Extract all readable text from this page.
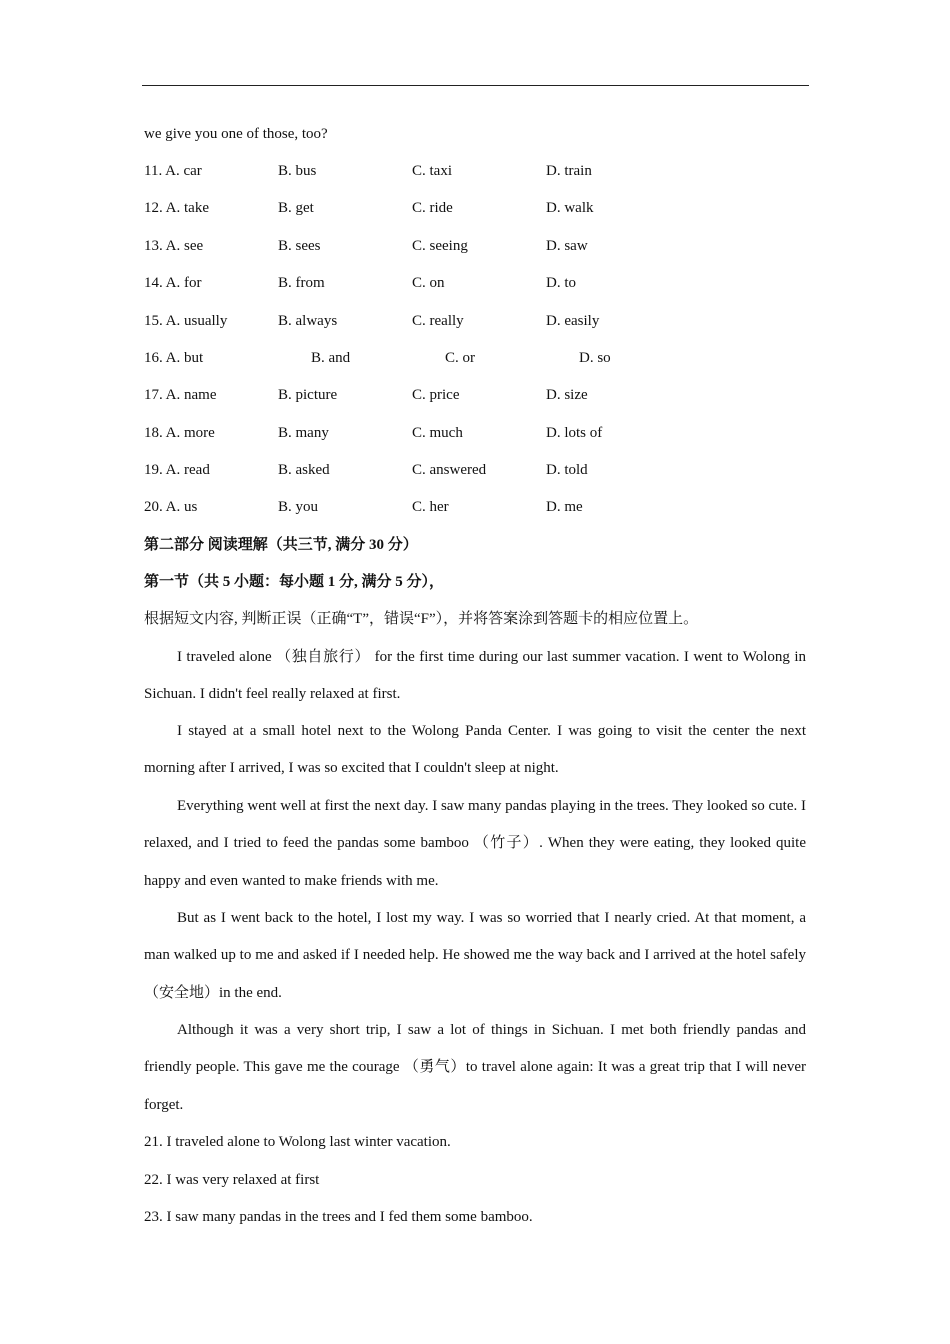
we give you one of those, too?
11. A. car	B. bus	C. taxi	D. train
12. A. take	B. get	C. ride	D. walk
13. A. see	B. sees	C. seeing	D. saw
14. A. for	B. from	C. on	D. to
15. A. usually	B. always	C. really	D. easily
16. A. but	B. and	C. or	D. so
17. A. name	B. picture	C. price	D. size
18. A. more	B. many	C. much	D. lots of
19. A. read	B. asked	C. answered	D. told
20. A. us	B. you	C. her	D. me
第二部分 阅读理解（共三节, 满分 30 分）
第一节（共 5 小题：每小题 1 分, 满分 5 分），
根据短文内容, 判断正误（正确“T”，错误“F”），并将答案涂到答题卡的相应位置上。
I traveled alone （独自旅行） for the first time during our last summer vacation. I went to Wolong in Sichuan. I didn't feel really relaxed at first.
I stayed at a small hotel next to the Wolong Panda Center. I was going to visit the center the next morning after I arrived, I was so excited that I couldn't sleep at night.
Everything went well at first the next day. I saw many pandas playing in the trees. They looked so cute. I relaxed, and I tried to feed the pandas some bamboo （竹子）. When they were eating, they looked quite happy and even wanted to make friends with me.
But as I went back to the hotel, I lost my way. I was so worried that I nearly cried. At that moment, a man walked up to me and asked if I needed help. He showed me the way back and I arrived at the hotel safely （安全地）in the end.
Although it was a very short trip, I saw a lot of things in Sichuan. I met both friendly pandas and friendly people. This gave me the courage （勇气）to travel alone again: It was a great trip that I will never forget.
21. I traveled alone to Wolong last winter vacation.
22. I was very relaxed at first
23. I saw many pandas in the trees and I fed them some bamboo.
